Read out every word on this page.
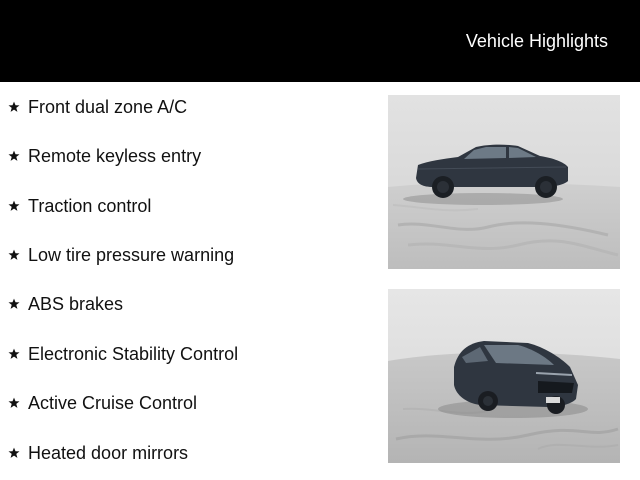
Vehicle Highlights
Front dual zone A/C
Remote keyless entry
Traction control
Low tire pressure warning
ABS brakes
Electronic Stability Control
Active Cruise Control
Heated door mirrors
